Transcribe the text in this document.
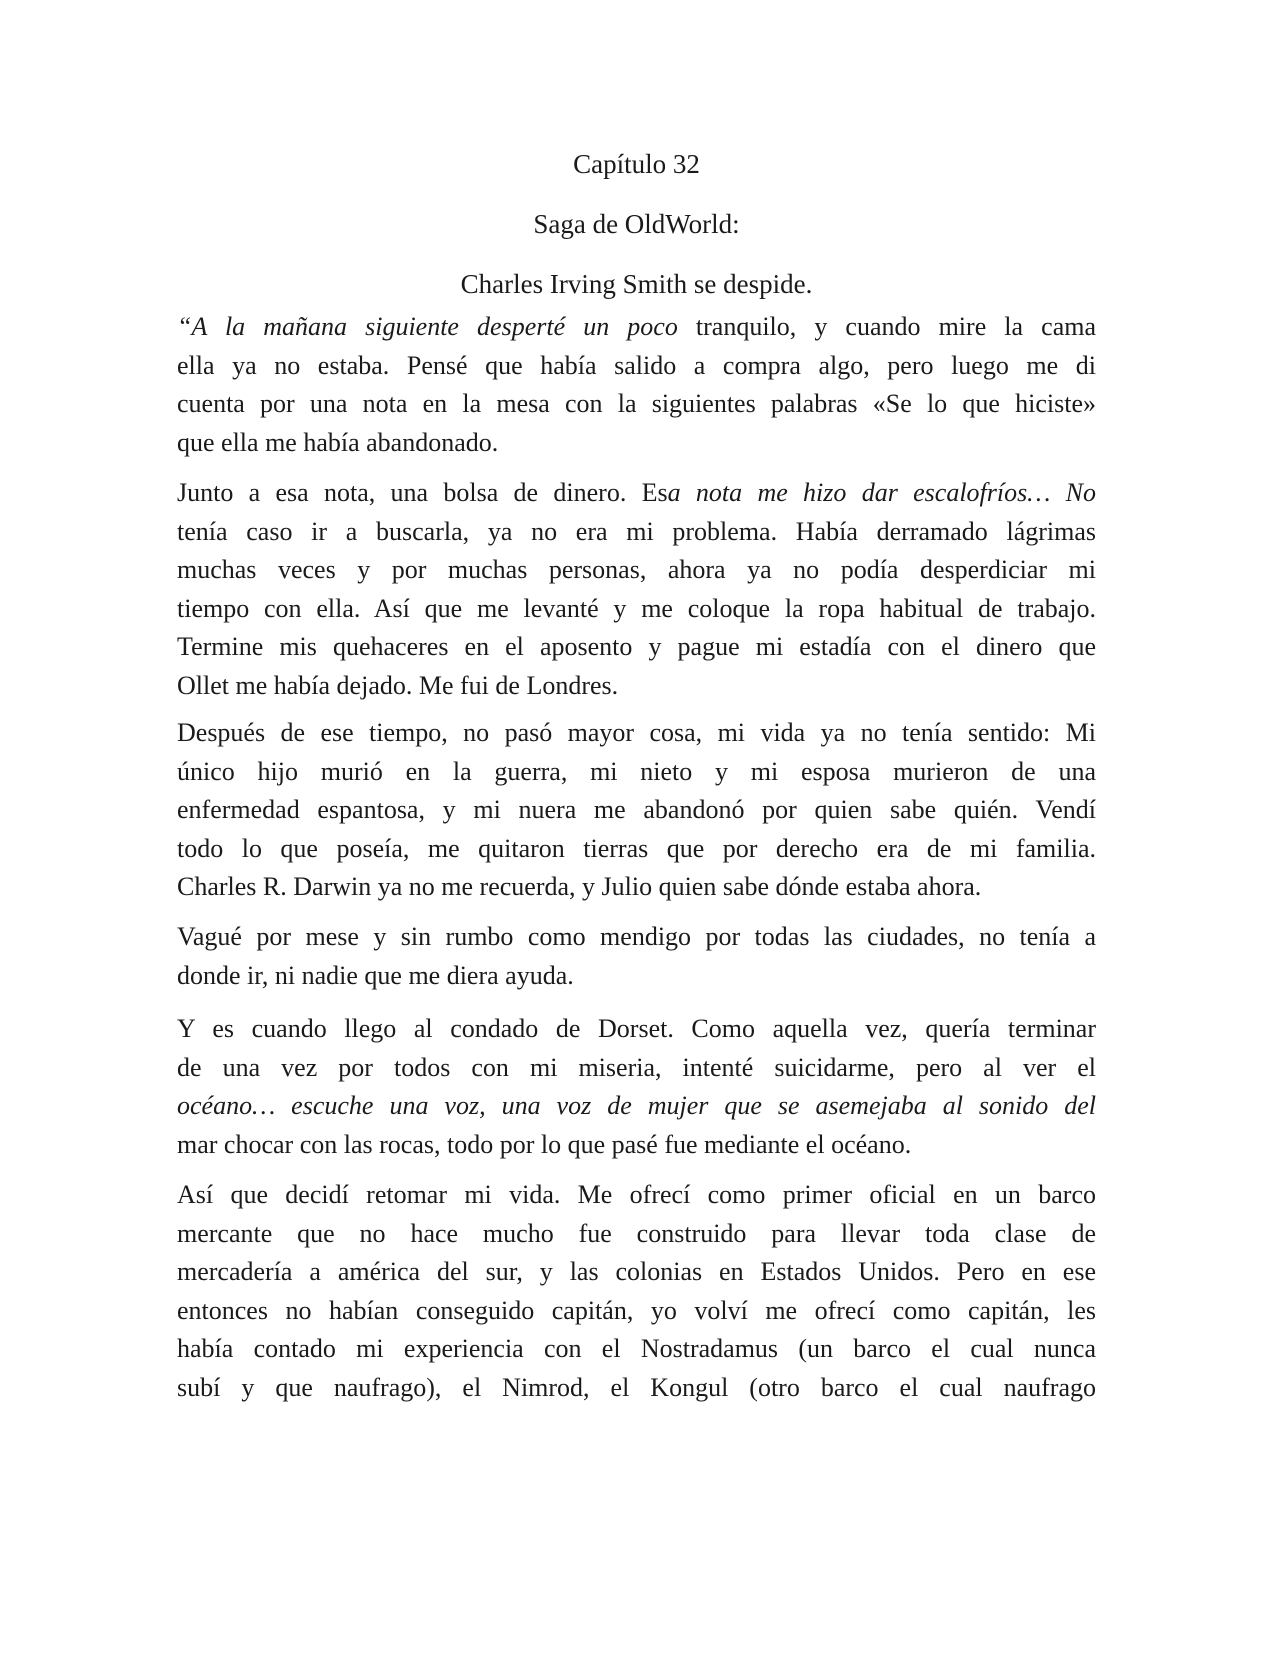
Capítulo 32
Saga de OldWorld:
Charles Irving Smith se despide.
“A la mañana siguiente desperté un poco tranquilo, y cuando mire la cama
ella ya no estaba. Pensé que había salido a compra algo, pero luego me di
cuenta por una nota en la mesa con la siguientes palabras «Se lo que hiciste»
que ella me había abandonado.
Junto a esa nota, una bolsa de dinero. Esa nota me hizo dar escalofríos… No
tenía caso ir a buscarla, ya no era mi problema. Había derramado lágrimas
muchas veces y por muchas personas, ahora ya no podía desperdiciar mi
tiempo con ella. Así que me levanté y me coloque la ropa habitual de trabajo.
Termine mis quehaceres en el aposento y pague mi estadía con el dinero que
Ollet me había dejado. Me fui de Londres.
Después de ese tiempo, no pasó mayor cosa, mi vida ya no tenía sentido: Mi
único hijo murió en la guerra, mi nieto y mi esposa murieron de una
enfermedad espantosa, y mi nuera me abandonó por quien sabe quién. Vendí
todo lo que poseía, me quitaron tierras que por derecho era de mi familia.
Charles R. Darwin ya no me recuerda, y Julio quien sabe dónde estaba ahora.
Vagué por mese y sin rumbo como mendigo por todas las ciudades, no tenía a
donde ir, ni nadie que me diera ayuda.
Y es cuando llego al condado de Dorset. Como aquella vez, quería terminar
de una vez por todos con mi miseria, intenté suicidarme, pero al ver el
océano… escuche una voz, una voz de mujer que se asemejaba al sonido del
mar chocar con las rocas, todo por lo que pasé fue mediante el océano.
Así que decidí retomar mi vida. Me ofrecí como primer oficial en un barco
mercante que no hace mucho fue construido para llevar toda clase de
mercadería a américa del sur, y las colonias en Estados Unidos. Pero en ese
entonces no habían conseguido capitán, yo volví me ofrecí como capitán, les
había contado mi experiencia con el Nostradamus (un barco el cual nunca
subí y que naufrago), el Nimrod, el Kongul (otro barco el cual naufrago
